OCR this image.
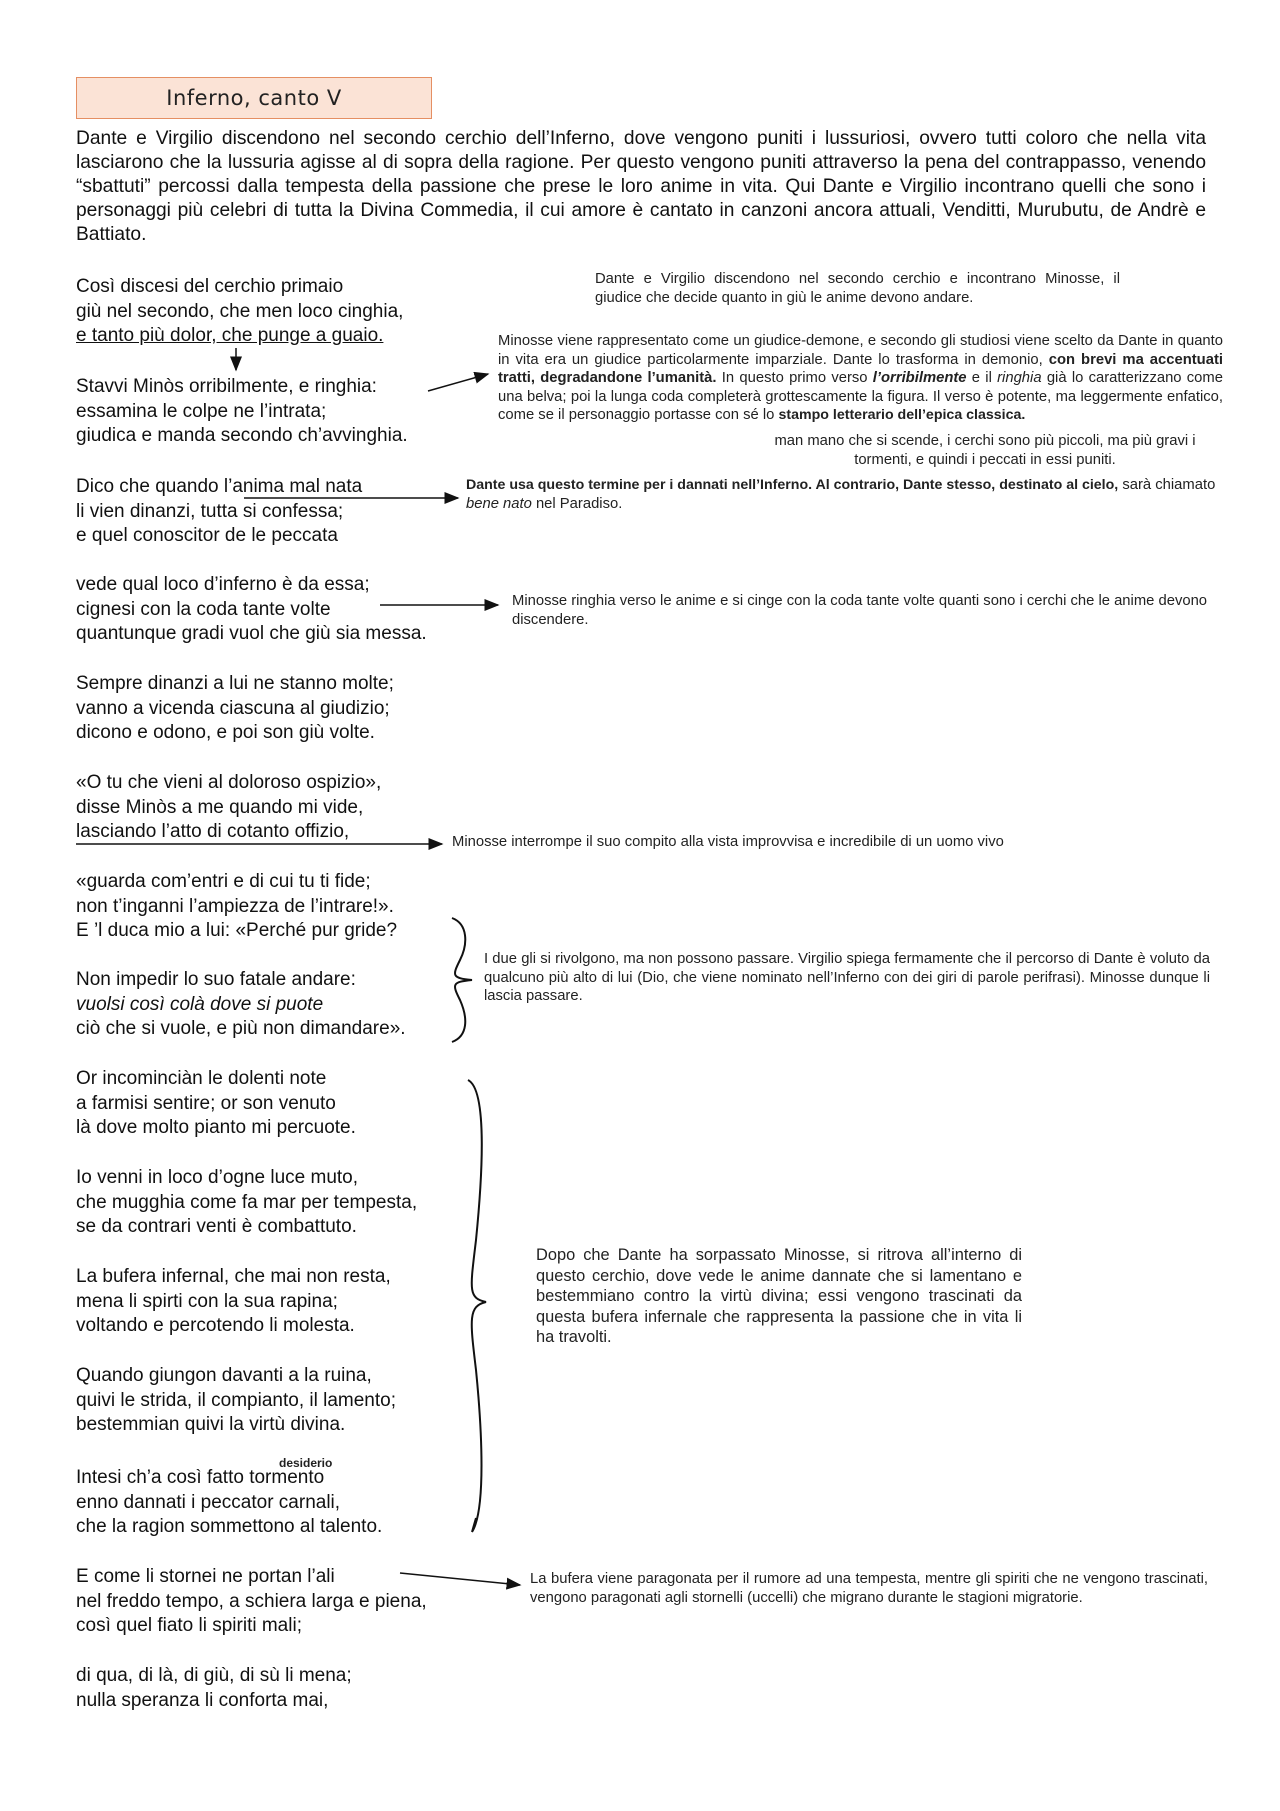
Inferno, canto V
Dante e Virgilio discendono nel secondo cerchio dell’Inferno, dove vengono puniti i lussuriosi, ovvero tutti coloro che nella vita lasciarono che la lussuria agisse al di sopra della ragione. Per questo vengono puniti attraverso la pena del contrappasso, venendo “sbattuti” percossi dalla tempesta della passione che prese le loro anime in vita. Qui Dante e Virgilio incontrano quelli che sono i personaggi più celebri di tutta la Divina Commedia, il cui amore è cantato in canzoni ancora attuali, Venditti, Murubutu, de Andrè e Battiato.
Così discesi del cerchio primaio
giù nel secondo, che men loco cinghia,
e tanto più dolor, che punge a guaio.
Stavvi Minòs orribilmente, e ringhia:
essamina le colpe ne l’intrata;
giudica e manda secondo ch’avvinghia.
Dico che quando l’anima mal nata
li vien dinanzi, tutta si confessa;
e quel conoscitor de le peccata
vede qual loco d’inferno è da essa;
cignesi con la coda tante volte
quantunque gradi vuol che giù sia messa.
Sempre dinanzi a lui ne stanno molte;
vanno a vicenda ciascuna al giudizio;
dicono e odono, e poi son giù volte.
«O tu che vieni al doloroso ospizio»,
disse Minòs a me quando mi vide,
lasciando l’atto di cotanto offizio,
«guarda com’entri e di cui tu ti fide;
non t’inganni l’ampiezza de l’intrare!».
E ’l duca mio a lui: «Perché pur gride?
Non impedir lo suo fatale andare:
vuolsi così colà dove si puote
ciò che si vuole, e più non dimandare».
Or incominciàn le dolenti note
a farmisi sentire; or son venuto
là dove molto pianto mi percuote.
Io venni in loco d’ogne luce muto,
che mugghia come fa mar per tempesta,
se da contrari venti è combattuto.
La bufera infernal, che mai non resta,
mena li spirti con la sua rapina;
voltando e percotendo li molesta.
Quando giungon davanti a la ruina,
quivi le strida, il compianto, il lamento;
bestemmian quivi la virtù divina.
desiderio
Intesi ch’a così fatto tormento
enno dannati i peccator carnali,
che la ragion sommettono al talento.
E come li stornei ne portan l’ali
nel freddo tempo, a schiera larga e piena,
così quel fiato li spiriti mali;
di qua, di là, di giù, di sù li mena;
nulla speranza li conforta mai,
Dante e Virgilio discendono nel secondo cerchio e incontrano Minosse, il giudice che decide quanto in giù le anime devono andare.
Minosse viene rappresentato come un giudice-demone, e secondo gli studiosi viene scelto da Dante in quanto in vita era un giudice particolarmente imparziale. Dante lo trasforma in demonio, con brevi ma accentuati tratti, degradandone l’umanità. In questo primo verso l’orribilmente e il ringhia già lo caratterizzano come una belva; poi la lunga coda completerà grottescamente la figura. Il verso è potente, ma leggermente enfatico, come se il personaggio portasse con sé lo stampo letterario dell’epica classica.
man mano che si scende, i cerchi sono più piccoli, ma più gravi i tormenti, e quindi i peccati in essi puniti.
Dante usa questo termine per i dannati nell’Inferno. Al contrario, Dante stesso, destinato al cielo, sarà chiamato bene nato nel Paradiso.
Minosse ringhia verso le anime e si cinge con la coda tante volte quanti sono i cerchi che le anime devono discendere.
Minosse interrompe il suo compito alla vista improvvisa e incredibile di un uomo vivo
I due gli si rivolgono, ma non possono passare. Virgilio spiega fermamente che il percorso di Dante è voluto da qualcuno più alto di lui (Dio, che viene nominato nell’Inferno con dei giri di parole perifrasi). Minosse dunque li lascia passare.
Dopo che Dante ha sorpassato Minosse, si ritrova all’interno di questo cerchio, dove vede le anime dannate che si lamentano e bestemmiano contro la virtù divina; essi vengono trascinati da questa bufera infernale che rappresenta la passione che in vita li ha travolti.
La bufera viene paragonata per il rumore ad una tempesta, mentre gli spiriti che ne vengono trascinati, vengono paragonati agli stornelli (uccelli) che migrano durante le stagioni migratorie.
